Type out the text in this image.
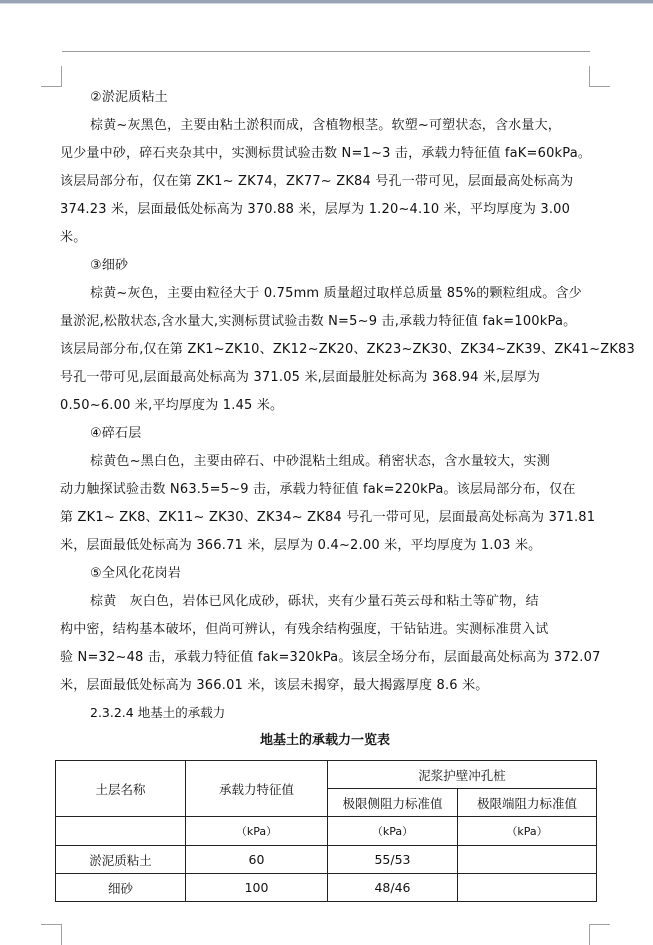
②淤泥质粘土
棕黄~灰黑色，主要由粘土淤积而成，含植物根茎。软塑~可塑状态，含水量大，
见少量中砂，碎石夹杂其中，实测标贯试验击数 N=1~3 击，承载力特征值 faK=60kPa。
该层局部分布，仅在第 ZK1~ ZK74，ZK77~ ZK84 号孔一带可见，层面最高处标高为
374.23 米，层面最低处标高为 370.88 米，层厚为 1.20~4.10 米，平均厚度为 3.00
米。
③细砂
棕黄~灰色，主要由粒径大于 0.75mm 质量超过取样总质量 85%的颗粒组成。含少
量淤泥,松散状态,含水量大,实测标贯试验击数 N=5~9 击,承载力特征值 fak=100kPa。
该层局部分布,仅在第 ZK1~ZK10、ZK12~ZK20、ZK23~ZK30、ZK34~ZK39、ZK41~ZK83
号孔一带可见,层面最高处标高为 371.05 米,层面最脏处标高为 368.94 米,层厚为
0.50~6.00 米,平均厚度为 1.45 米。
④碎石层
棕黄色~黑白色，主要由碎石、中砂混粘土组成。稍密状态，含水量较大，实测
动力触探试验击数 N63.5=5~9 击，承载力特征值 fak=220kPa。该层局部分布，仅在
第 ZK1~ ZK8、ZK11~ ZK30、ZK34~ ZK84 号孔一带可见，层面最高处标高为 371.81
米，层面最低处标高为 366.71 米，层厚为 0.4~2.00 米，平均厚度为 1.03 米。
⑤全风化花岗岩
棕黄　灰白色，岩体已风化成砂，砾状，夹有少量石英云母和粘土等矿物，结
构中密，结构基本破坏，但尚可辨认，有残余结构强度，干钻钻进。实测标准贯入试
验 N=32~48 击，承载力特征值 fak=320kPa。该层全场分布，层面最高处标高为 372.07
米，层面最低处标高为 366.01 米，该层未揭穿，最大揭露厚度 8.6 米。
2.3.2.4 地基土的承载力
地基土的承载力一览表
土层名称	承载力特征值	泥浆护壁冲孔桩	
		极限侧阻力标准值	极限端阻力标准值
	（kPa）	（kPa）	（kPa）
淤泥质粘土	60	55/53	
细砂	100	48/46	
